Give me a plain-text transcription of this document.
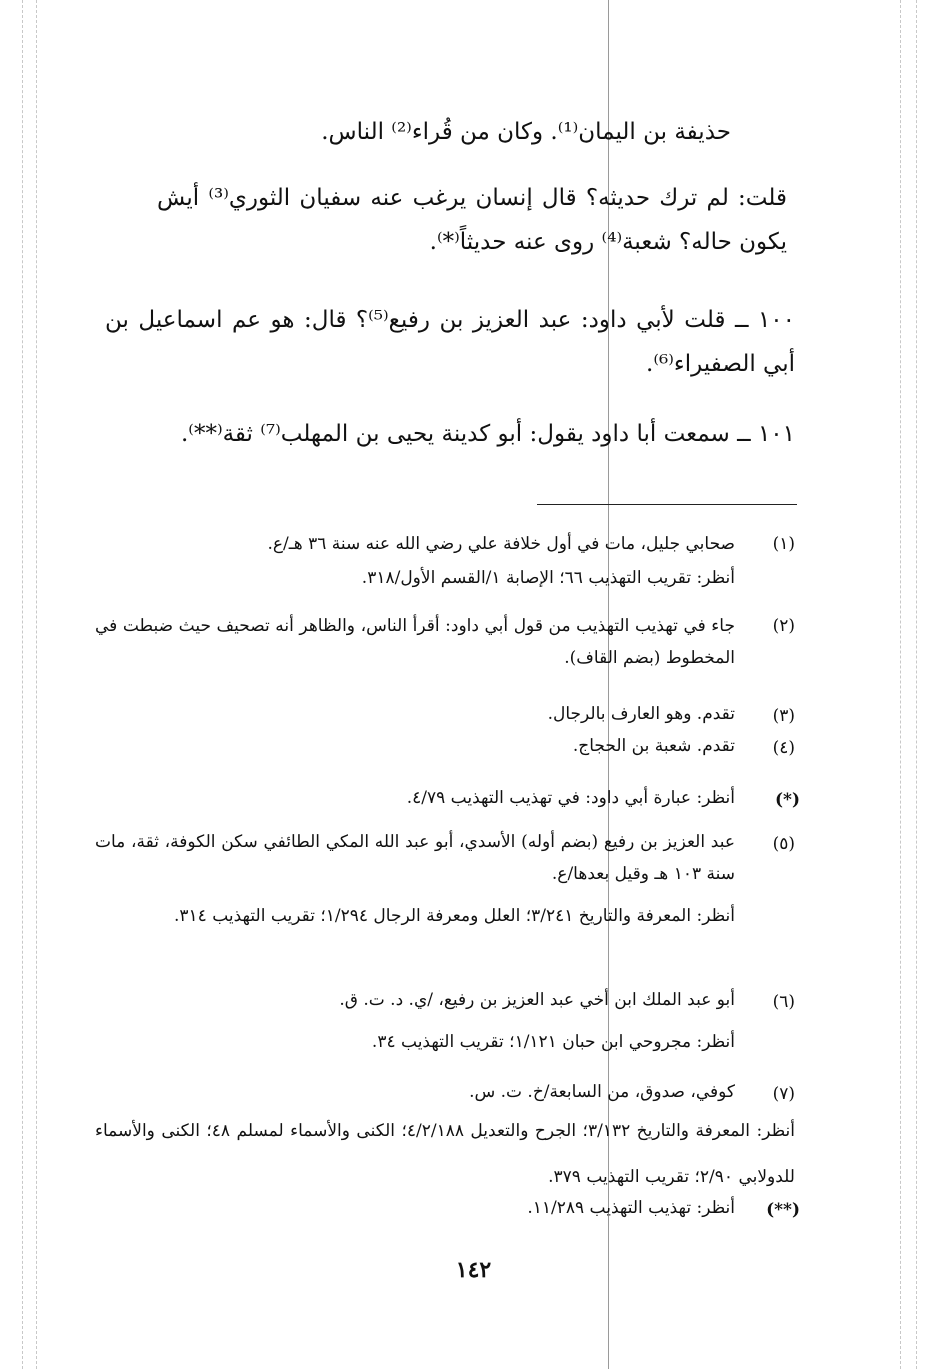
حذيفة بن اليمان⁽¹⁾. وكان من قُراء⁽²⁾ الناس.
قلت: لم ترك حديثه؟ قال إنسان يرغب عنه سفيان الثوري⁽³⁾ أيش يكون حاله؟ شعبة⁽⁴⁾ روى عنه حديثاً⁽*⁾.
١٠٠ ــ قلت لأبي داود: عبد العزيز بن رفيع⁽⁵⁾؟ قال: هو عم اسماعيل بن أبي الصفيراء⁽⁶⁾.
١٠١ ــ سمعت أبا داود يقول: أبو كدينة يحيى بن المهلب⁽⁷⁾ ثقة⁽**⁾.
(١)
صحابي جليل، مات في أول خلافة علي رضي الله عنه سنة ٣٦ هـ/ع.
أنظر: تقريب التهذيب ٦٦؛ الإصابة ١/القسم الأول/٣١٨.
(٢)
جاء في تهذيب التهذيب من قول أبي داود: أقرأ الناس، والظاهر أنه تصحيف حيث ضبطت في المخطوط (بضم القاف).
(٣)
تقدم. وهو العارف بالرجال.
(٤)
تقدم. شعبة بن الحجاج.
(*)
أنظر: عبارة أبي داود: في تهذيب التهذيب ٤/٧٩.
(٥)
عبد العزيز بن رفيع (بضم أوله) الأسدي، أبو عبد الله المكي الطائفي سكن الكوفة، ثقة، مات سنة ١٠٣ هـ وقيل بعدها/ع.
أنظر: المعرفة والتاريخ ٣/٢٤١؛ العلل ومعرفة الرجال ١/٢٩٤؛ تقريب التهذيب ٣١٤.
(٦)
أبو عبد الملك ابن أخي عبد العزيز بن رفيع، /ي. د. ت. ق.
أنظر: مجروحي ابن حبان ١/١٢١؛ تقريب التهذيب ٣٤.
(٧)
كوفي، صدوق، من السابعة/خ. ت. س.
أنظر: المعرفة والتاريخ ٣/١٣٢؛ الجرح والتعديل ٤/٢/١٨٨؛ الكنى والأسماء لمسلم ٤٨؛ الكنى والأسماء للدولابي ٢/٩٠؛ تقريب التهذيب ٣٧٩.
(**)
أنظر: تهذيب التهذيب ١١/٢٨٩.
١٤٢
